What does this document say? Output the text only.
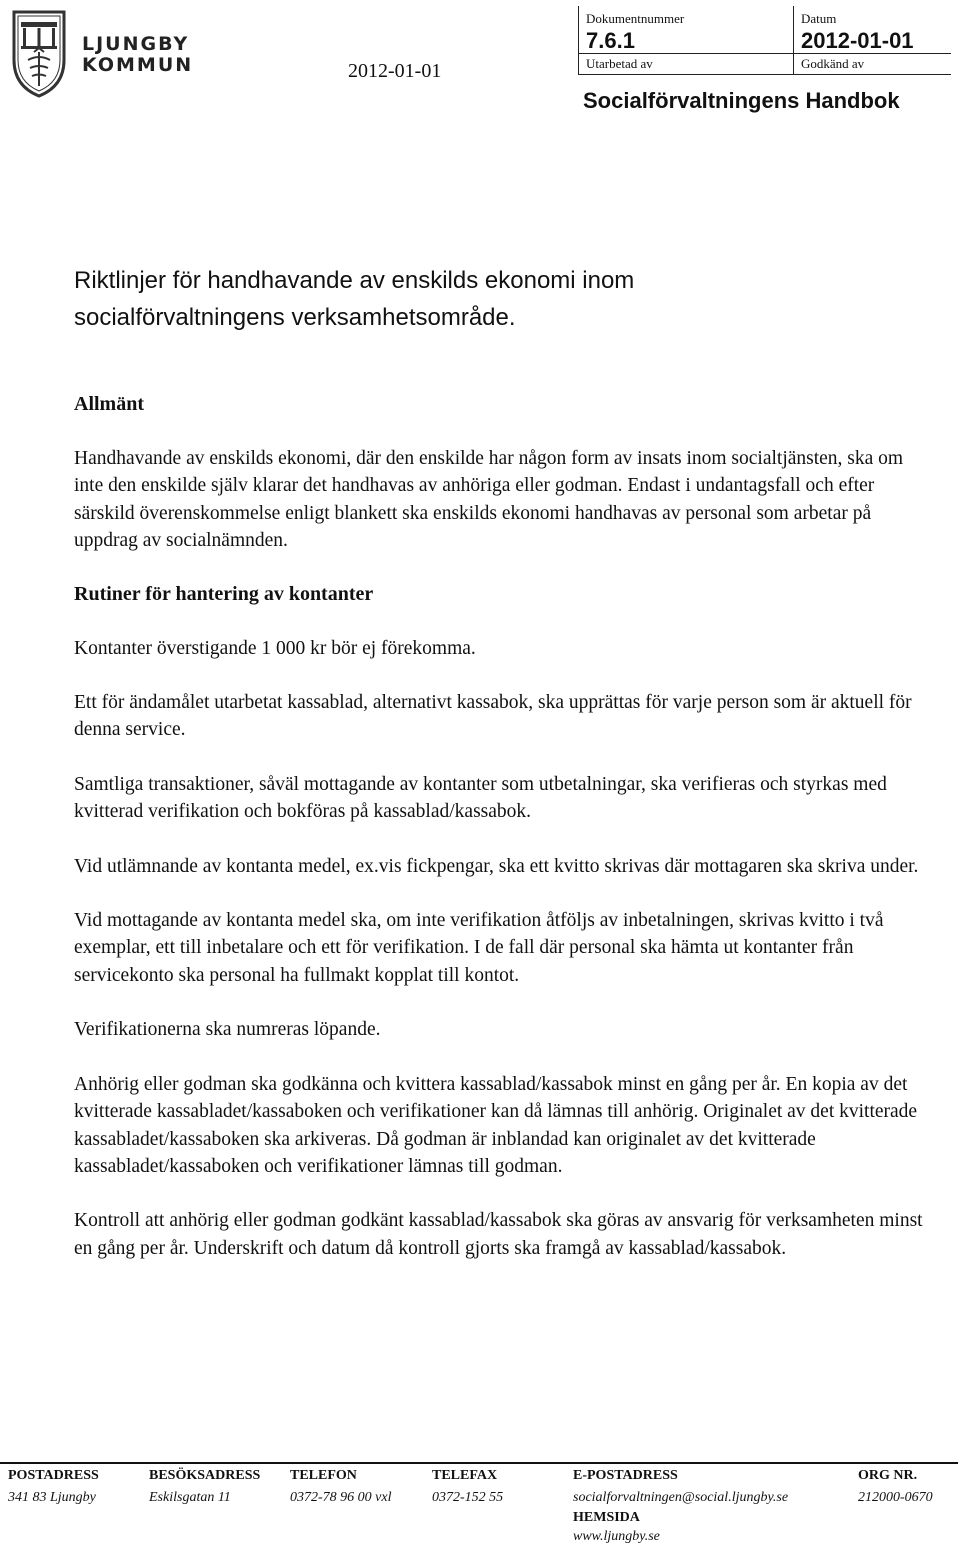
LJUNGBY
KOMMUN	2012-01-01
Dokumentnummer
7.6.1
Datum
2012-01-01
Utarbetad av	Godkänd av
Socialförvaltningens Handbok
Riktlinjer för handhavande av enskilds ekonomi inom
socialförvaltningens verksamhetsområde.
Allmänt

Handhavande av enskilds ekonomi, där den enskilde har någon form av insats inom socialtjänsten, ska om inte den enskilde själv klarar det handhavas av anhöriga eller godman. Endast i undantagsfall och efter särskild överenskommelse enligt blankett ska enskilds ekonomi handhavas av personal som arbetar på uppdrag av socialnämnden.

Rutiner för hantering av kontanter

Kontanter överstigande 1 000 kr bör ej förekomma.

Ett för ändamålet utarbetat kassablad, alternativt kassabok, ska upprättas för varje person som är aktuell för denna service.

Samtliga transaktioner, såväl mottagande av kontanter som utbetalningar, ska verifieras och styrkas med kvitterad verifikation och bokföras på kassablad/kassabok.

Vid utlämnande av kontanta medel, ex.vis fickpengar, ska ett kvitto skrivas där mottagaren ska skriva under.

Vid mottagande av kontanta medel ska, om inte verifikation åtföljs av inbetalningen, skrivas kvitto i två exemplar, ett till inbetalare och ett för verifikation. I de fall där personal ska hämta ut kontanter från servicekonto ska personal ha fullmakt kopplat till kontot.

Verifikationerna ska numreras löpande.

Anhörig eller godman ska godkänna och kvittera kassablad/kassabok minst en gång per år. En kopia av det kvitterade kassabladet/kassaboken och verifikationer kan då lämnas till anhörig. Originalet av det kvitterade kassabladet/kassaboken ska arkiveras. Då godman är inblandad kan originalet av det kvitterade kassabladet/kassaboken och verifikationer lämnas till godman.

Kontroll att anhörig eller godman godkänt kassablad/kassabok ska göras av ansvarig för verksamheten minst en gång per år. Underskrift och datum då kontroll gjorts ska framgå av kassablad/kassabok.

POSTADRESS
341 83 Ljungby
BESÖKSADRESS
Eskilsgatan 11
TELEFON
0372-78 96 00 vxl
TELEFAX
0372-152 55
E-POSTADRESS
socialforvaltningen@social.ljungby.se
HEMSIDA
www.ljungby.se
ORG NR.
212000-0670
